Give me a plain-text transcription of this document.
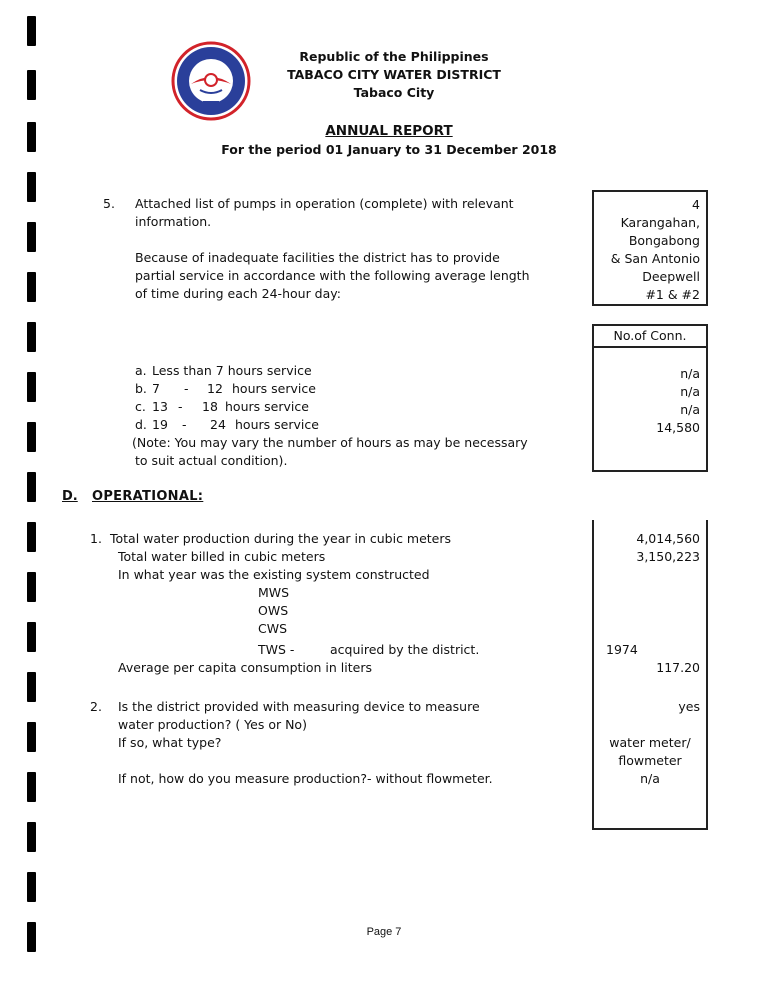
Republic of the Philippines
TABACO CITY WATER DISTRICT
Tabaco City
ANNUAL REPORT
For the period 01 January to 31 December 2018
5. Attached list of pumps in operation (complete) with relevant
information.
Because of inadequate facilities the district has to provide
partial service in accordance with the following average length
of time during each 24-hour day:
4
Karangahan,
Bongabong
& San Antonio
Deepwell
#1 & #2
No.of Conn.
n/a
n/a
n/a
14,580
a. Less than 7 hours service
b. 7 - 12 hours service
c. 13 - 18 hours service
d. 19 - 24 hours service
(Note: You may vary the number of hours as may be necessary
to suit actual condition).
D. OPERATIONAL:
4,014,560
3,150,223
1974
117.20
yes
water meter/
flowmeter
n/a
1. Total water production during the year in cubic meters
Total water billed in cubic meters
In what year was the existing system constructed
MWS
OWS
CWS
TWS -	acquired by the district.
Average per capita consumption in liters
2. Is the district provided with measuring device to measure
water production? ( Yes or No)
If so, what type?
If not, how do you measure production?- without flowmeter.
Page 7
